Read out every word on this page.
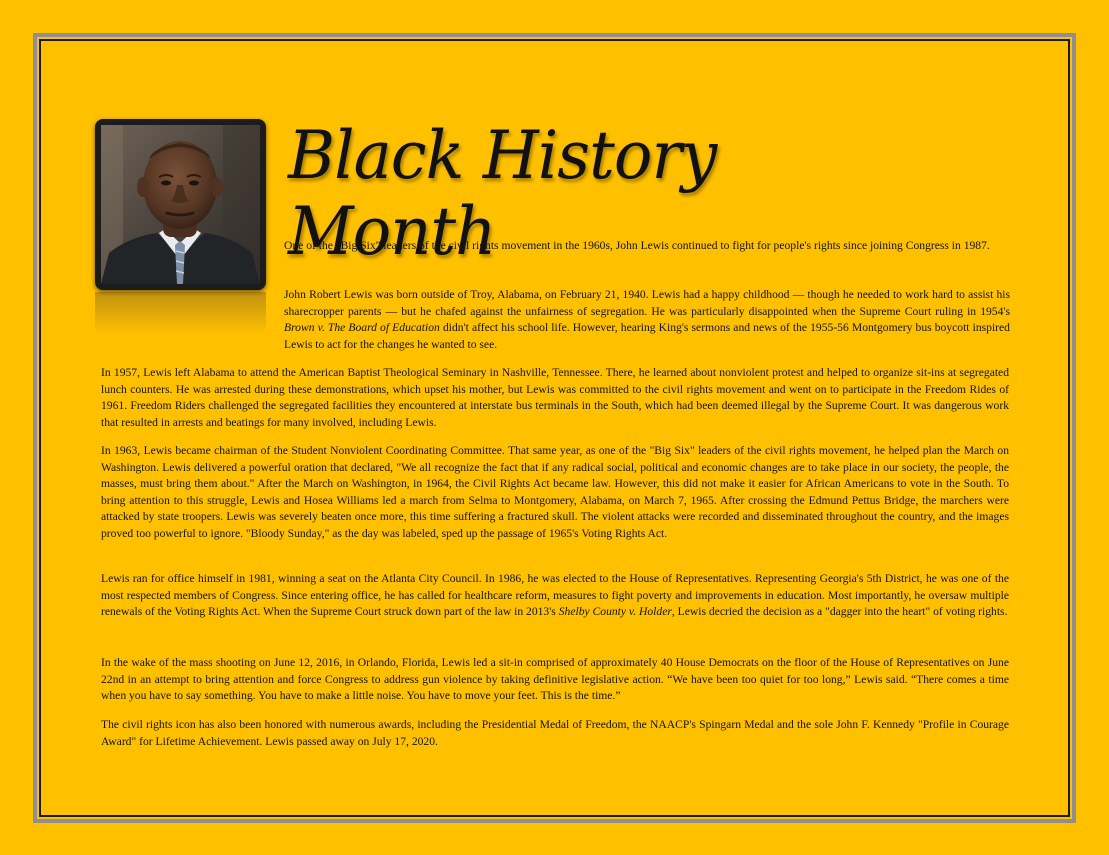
Black History Month

One of the "Big Six" leaders of the civil rights movement in the 1960s, John Lewis continued to fight for people's rights since joining Congress in 1987.

John Robert Lewis was born outside of Troy, Alabama, on February 21, 1940. Lewis had a happy childhood — though he needed to work hard to assist his sharecropper parents — but he chafed against the unfairness of segregation. He was particularly disappointed when the Supreme Court ruling in 1954's Brown v. The Board of Education didn't affect his school life. However, hearing King's sermons and news of the 1955-56 Montgomery bus boycott inspired Lewis to act for the changes he wanted to see.

In 1957, Lewis left Alabama to attend the American Baptist Theological Seminary in Nashville, Tennessee. There, he learned about nonviolent protest and helped to organize sit-ins at segregated lunch counters. He was arrested during these demonstrations, which upset his mother, but Lewis was committed to the civil rights movement and went on to participate in the Freedom Rides of 1961. Freedom Riders challenged the segregated facilities they encountered at interstate bus terminals in the South, which had been deemed illegal by the Supreme Court. It was dangerous work that resulted in arrests and beatings for many involved, including Lewis.

In 1963, Lewis became chairman of the Student Nonviolent Coordinating Committee. That same year, as one of the "Big Six" leaders of the civil rights movement, he helped plan the March on Washington. Lewis delivered a powerful oration that declared, "We all recognize the fact that if any radical social, political and economic changes are to take place in our society, the people, the masses, must bring them about." After the March on Washington, in 1964, the Civil Rights Act became law. However, this did not make it easier for African Americans to vote in the South. To bring attention to this struggle, Lewis and Hosea Williams led a march from Selma to Montgomery, Alabama, on March 7, 1965. After crossing the Edmund Pettus Bridge, the marchers were attacked by state troopers. Lewis was severely beaten once more, this time suffering a fractured skull. The violent attacks were recorded and disseminated throughout the country, and the images proved too powerful to ignore. "Bloody Sunday," as the day was labeled, sped up the passage of 1965's Voting Rights Act.

Lewis ran for office himself in 1981, winning a seat on the Atlanta City Council. In 1986, he was elected to the House of Representatives. Representing Georgia's 5th District, he was one of the most respected members of Congress. Since entering office, he has called for healthcare reform, measures to fight poverty and improvements in education. Most importantly, he oversaw multiple renewals of the Voting Rights Act. When the Supreme Court struck down part of the law in 2013's Shelby County v. Holder, Lewis decried the decision as a "dagger into the heart" of voting rights.

In the wake of the mass shooting on June 12, 2016, in Orlando, Florida, Lewis led a sit-in comprised of approximately 40 House Democrats on the floor of the House of Representatives on June 22nd in an attempt to bring attention and force Congress to address gun violence by taking definitive legislative action. “We have been too quiet for too long,” Lewis said. “There comes a time when you have to say something. You have to make a little noise. You have to move your feet. This is the time.”

The civil rights icon has also been honored with numerous awards, including the Presidential Medal of Freedom, the NAACP's Spingarn Medal and the sole John F. Kennedy "Profile in Courage Award" for Lifetime Achievement. Lewis passed away on July 17, 2020.
